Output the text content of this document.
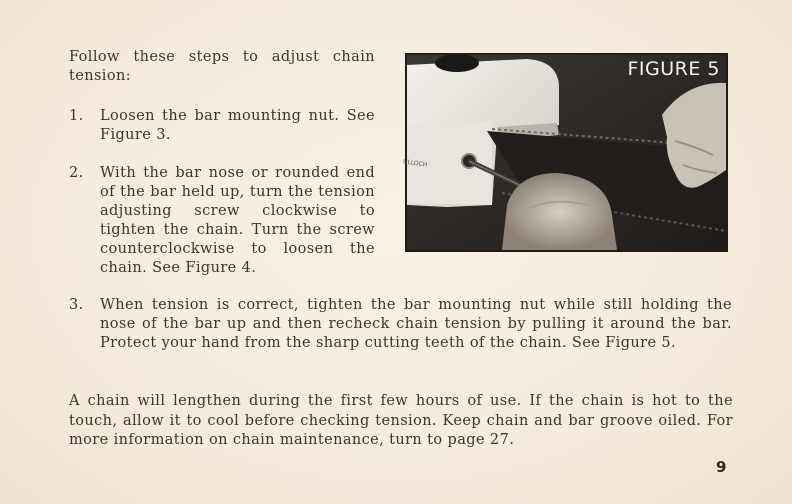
Follow these steps to adjust chain tension:
1. Loosen the bar mounting nut. See Figure 3.
2. With the bar nose or rounded end of the bar held up, turn the tension adjusting screw clockwise to tighten the chain. Turn the screw counterclockwise to loosen the chain. See Figure 4.
FIGURE 5
ULLOCH
3. When tension is correct, tighten the bar mounting nut while still holding the nose of the bar up and then recheck chain tension by pulling it around the bar. Protect your hand from the sharp cutting teeth of the chain. See Figure 5.
A chain will lengthen during the first few hours of use. If the chain is hot to the touch, allow it to cool before checking tension. Keep chain and bar groove oiled. For more information on chain maintenance, turn to page 27.
9
